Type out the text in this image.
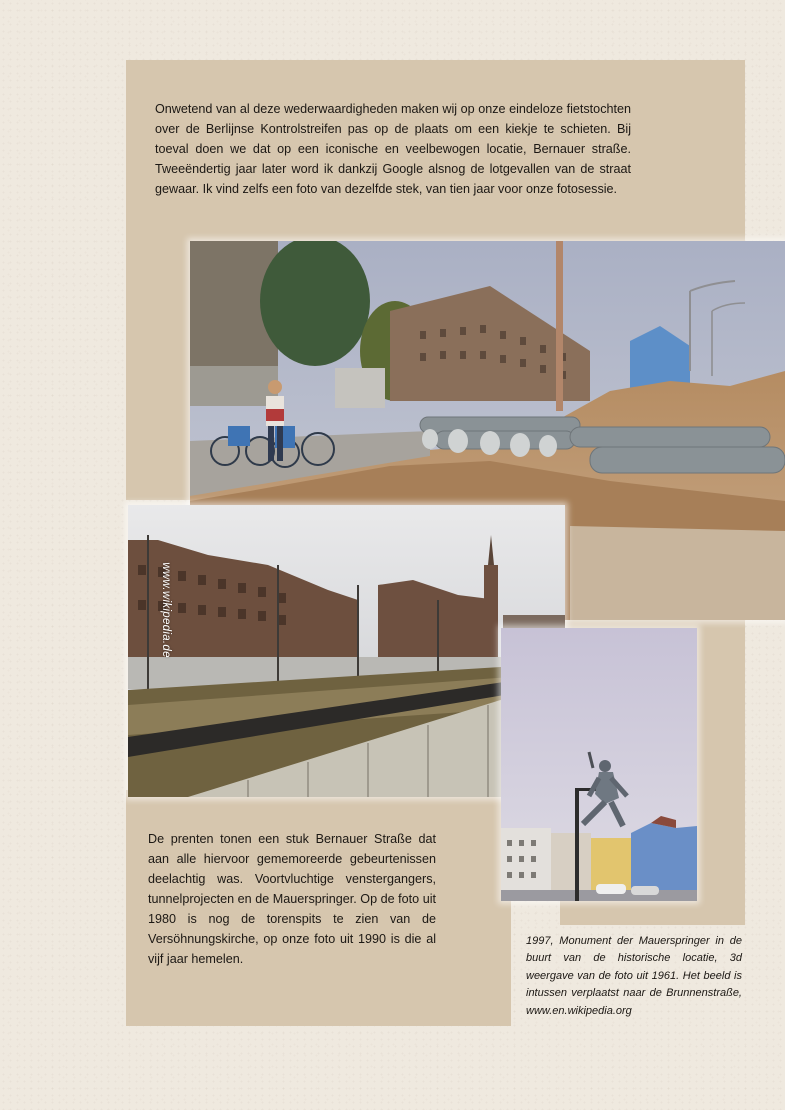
Onwetend van al deze wederwaardigheden maken wij op onze eindeloze fietstochten over de Berlijnse Kontrolstreifen pas op de plaats om een kiekje te schieten. Bij toeval doen we dat op een iconische en veelbewogen locatie, Bernauer straße. Tweeëndertig jaar later word ik dankzij Google alsnog de lotgevallen van de straat gewaar. Ik vind zelfs een foto van dezelfde stek, van tien jaar voor onze fotosessie.

www.wikipedia.de

De prenten tonen een stuk Bernauer Straße dat aan alle hiervoor gememoreerde gebeurtenissen deelachtig was. Voortvluchtige venstergangers, tunnelprojecten en de Mauerspringer. Op de foto uit 1980 is nog de torenspits te zien van de Versöhnungskirche, op onze foto uit 1990 is die al vijf jaar hemelen.

1997, Monument der Mauerspringer in de buurt van de historische locatie, 3d weergave van de foto uit 1961. Het beeld is intussen verplaatst naar de Brunnenstraße, www.en.wikipedia.org
